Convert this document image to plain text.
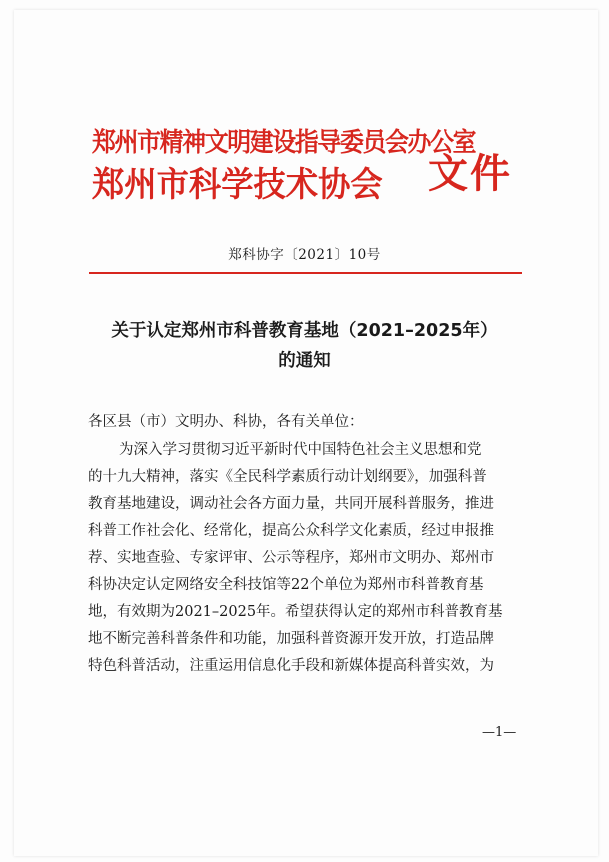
郑州市精神文明建设指导委员会办公室
郑州市科学技术协会	文件
郑科协字〔2021〕10号
关于认定郑州市科普教育基地（2021–2025年）
的通知
各区县（市）文明办、科协，各有关单位：
为深入学习贯彻习近平新时代中国特色社会主义思想和党
的十九大精神，落实《全民科学素质行动计划纲要》，加强科普
教育基地建设，调动社会各方面力量，共同开展科普服务，推进
科普工作社会化、经常化，提高公众科学文化素质，经过申报推
荐、实地查验、专家评审、公示等程序，郑州市文明办、郑州市
科协决定认定网络安全科技馆等22个单位为郑州市科普教育基
地，有效期为2021–2025年。希望获得认定的郑州市科普教育基
地不断完善科普条件和功能，加强科普资源开发开放，打造品牌
特色科普活动，注重运用信息化手段和新媒体提高科普实效，为
—1—
